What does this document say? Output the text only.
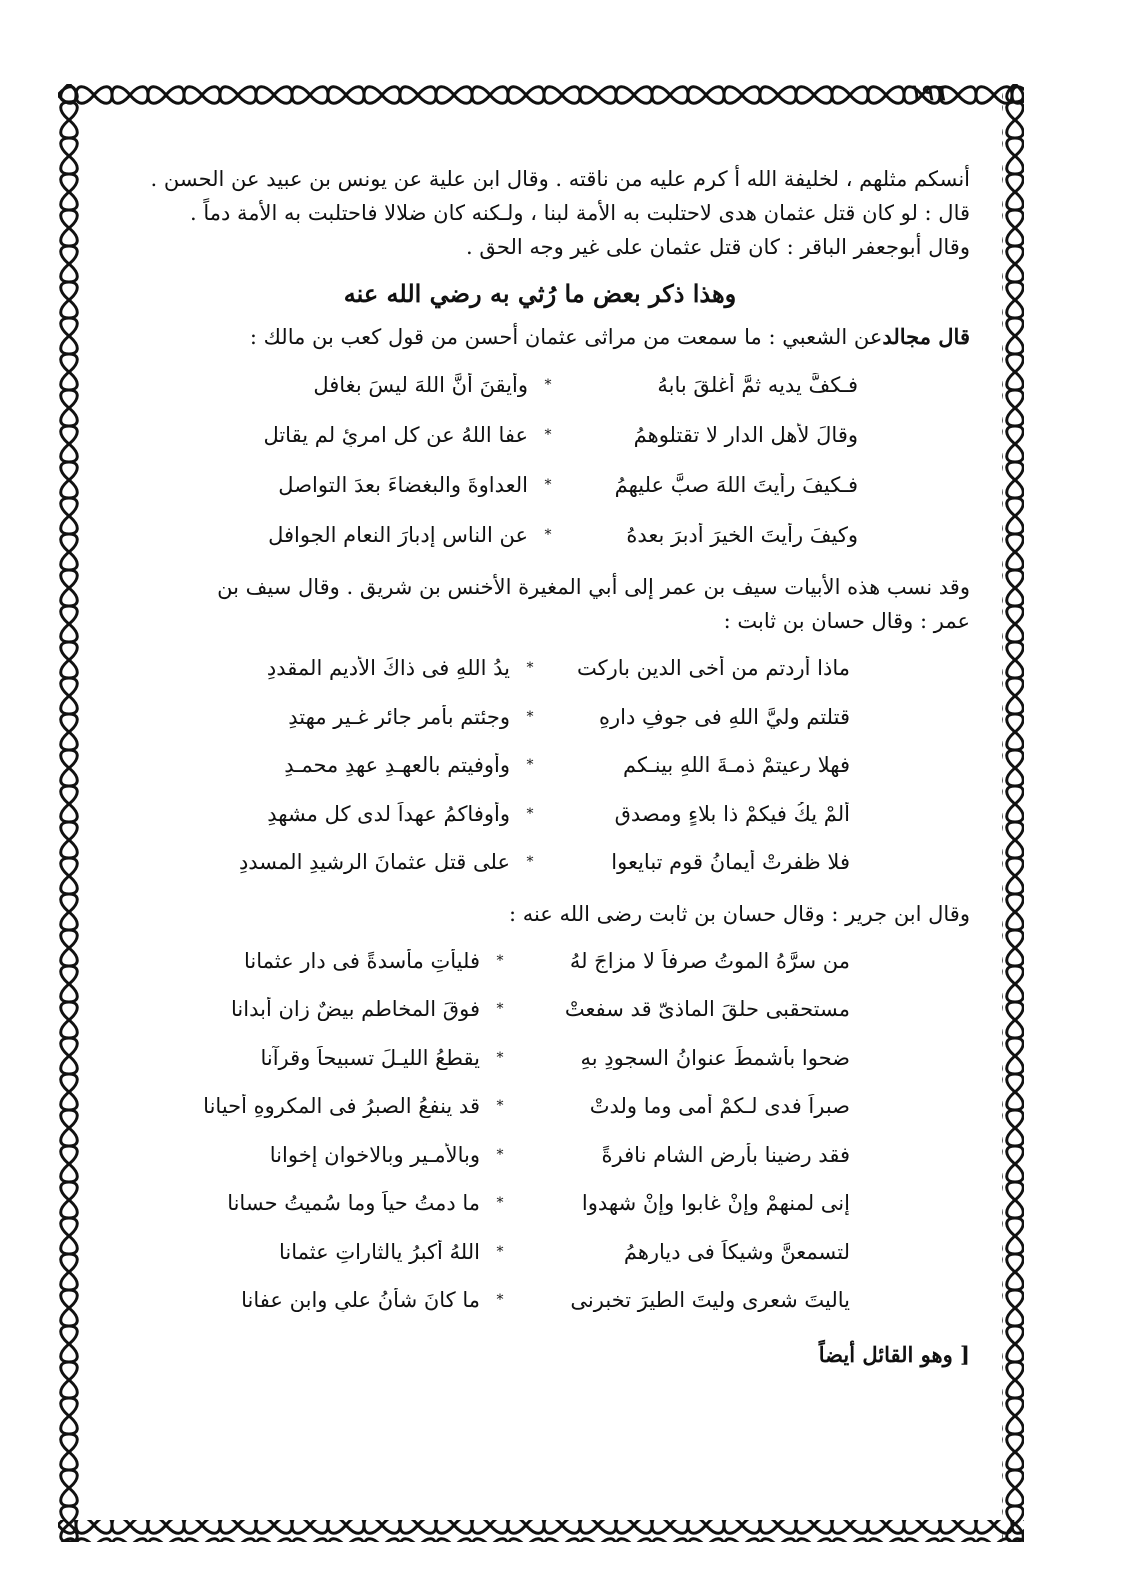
أنسكم مثلهم ، لخليفة الله أ كرم عليه من ناقته . وقال ابن علية عن يونس بن عبيد عن الحسن .

قال : لو كان قتل عثمان هدى لاحتلبت به الأمة لبنا ، ولـكنه كان ضلالا فاحتلبت به الأمة دماً .

وقال أبوجعفر الباقر : كان قتل عثمان على غير وجه الحق .

وهذا ذكر بعض ما رُثي به رضي الله عنه

قال مجالدعن الشعبي : ما سمعت من مراثى عثمان أحسن من قول كعب بن مالك :

فـكفَّ يديه ثمَّ أغلقَ بابهُ
*
وأيقنَ أنَّ اللهَ ليسَ بغافلِ
وقالَ لأهلِ الدارِ لا تقتلوهمُ
*
عفا اللهُ عن كلِ امرئٍ لم يقاتلِ
فـكيفَ رأيتَ اللهَ صبَّ عليهمُ
*
العداوةَ والبغضاءَ بعدَ التواصلِ
وكيفَ رأيتَ الخيرَ أدبرَ بعدهُ
*
عن الناسِ إدبارَ النعامِ الجوافلِ

وقد نسب هذه الأبيات سيف بن عمر إلى أبي المغيرة الأخنس بن شريق . وقال سيف بن

عمر : وقال حسان بن ثابت :

ماذا أردتم من أخى الدين باركت
*
يدُ اللهِ فى ذاكَ الأديمِ المقددِ
قتلتم وليَّ اللهِ فى جوفِ دارهِ
*
وجئتم بأمرٍ جائرٍ غـيرِ مهتدِ
فهلا رعيتمْ ذمـةَ اللهِ بينـكم
*
وأوفيتم بالعهـدِ عهدِ محمـدِ
ألمْ يكُ فيكمْ ذا بلاءٍ ومصدقٍ
*
وأوفاكمُ عهداً لدى كلِ مشهدِ
فلا ظفرتْ أيمانُ قومٍ تبايعوا
*
على قتلِ عثمانَ الرشيدِ المسددِ

وقال ابن جرير : وقال حسان بن ثابت رضى الله عنه :

من سرَّهُ الموتُ صرفاً لا مزاجَ لهُ
*
فليأتِ مأسدةً فى دارِ عثمانا
مستحقبى حلقَ الماذىّ قد سفعتْ
*
فوقَ المخاطمِ بيضٌ زان أبدانا
ضحوا بأشمطَ عنوانُ السجودِ بهِ
*
يقطعُ الليـلَ تسبيحاً وقرآنا
صبراً فدى لـكمْ أمى وما ولدتْ
*
قد ينفعُ الصبرُ فى المكروهِ أحيانا
فقد رضينا بأرضِ الشامِ نافرةً
*
وبالأمـيرِ وبالاخوانِ إخوانا
إنى لمنهمْ وإنْ غابوا وإنْ شهدوا
*
ما دمتُ حياً وما سُميتُ حسانا
لتسمعنَّ وشيكاً فى ديارهمُ
*
اللهُ أكبرُ يالثاراتِ عثمانا
ياليتَ شعرى وليتَ الطيرَ تخبرنى
*
ما كانَ شأنُ علىٍ وابنِ عفانا
[ وهو القائل أيضاً
